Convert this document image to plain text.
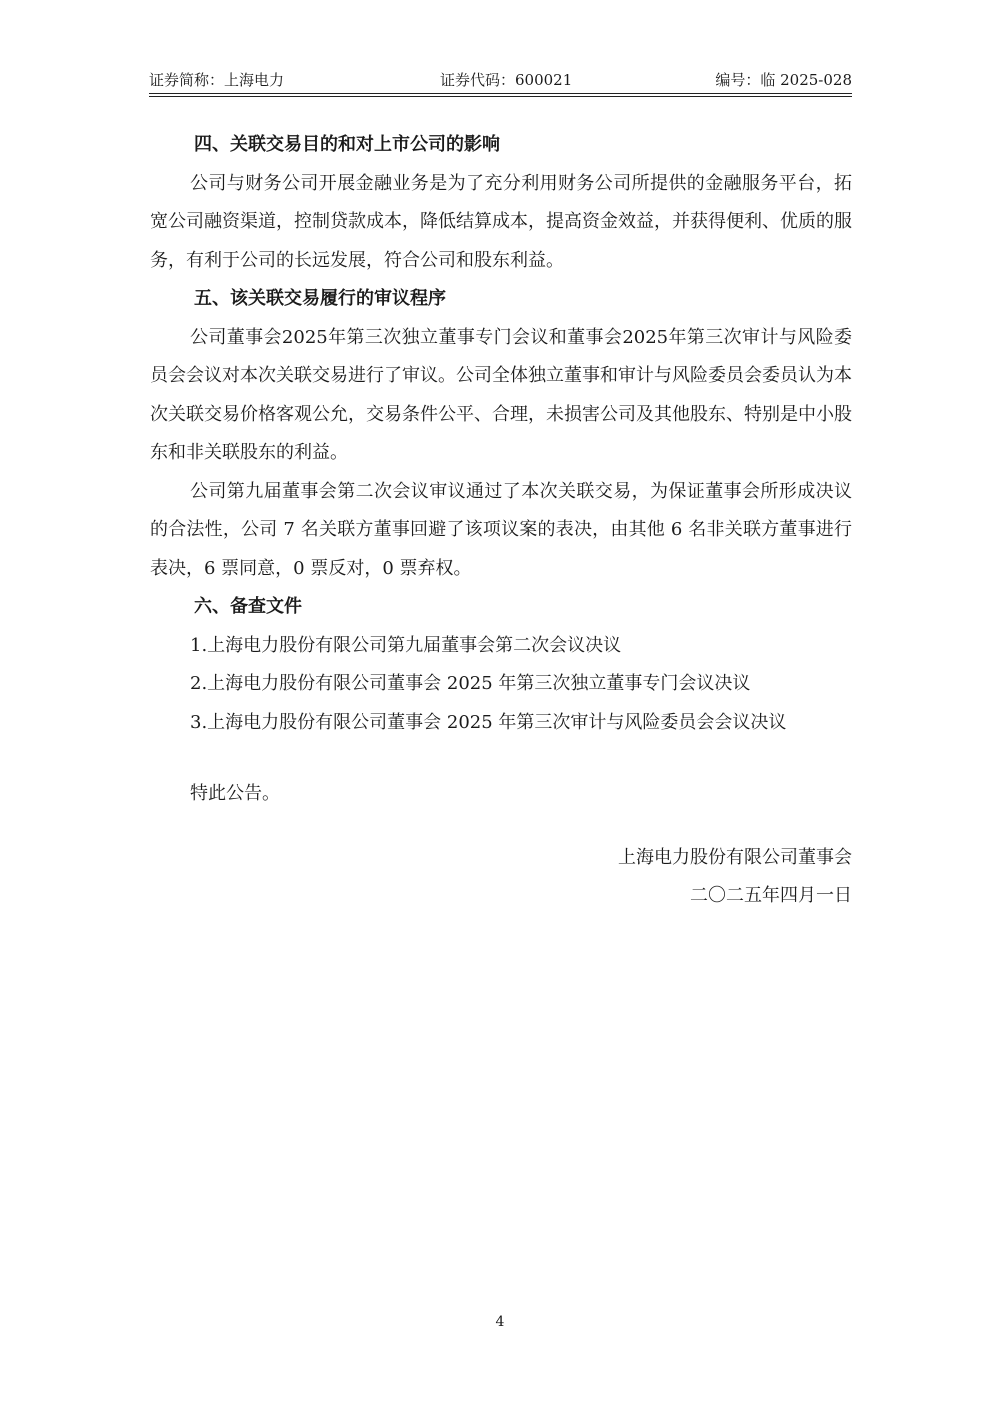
证券简称：上海电力	证券代码：600021	编号：临 2025-028

四、关联交易目的和对上市公司的影响

公司与财务公司开展金融业务是为了充分利用财务公司所提供的金融服务平台，拓宽公司融资渠道，控制贷款成本，降低结算成本，提高资金效益，并获得便利、优质的服务，有利于公司的长远发展，符合公司和股东利益。

五、该关联交易履行的审议程序

公司董事会2025年第三次独立董事专门会议和董事会2025年第三次审计与风险委员会会议对本次关联交易进行了审议。公司全体独立董事和审计与风险委员会委员认为本次关联交易价格客观公允，交易条件公平、合理，未损害公司及其他股东、特别是中小股东和非关联股东的利益。

公司第九届董事会第二次会议审议通过了本次关联交易，为保证董事会所形成决议的合法性，公司 7 名关联方董事回避了该项议案的表决，由其他 6 名非关联方董事进行表决，6 票同意，0 票反对，0 票弃权。

六、备查文件

1.上海电力股份有限公司第九届董事会第二次会议决议

2.上海电力股份有限公司董事会 2025 年第三次独立董事专门会议决议

3.上海电力股份有限公司董事会 2025 年第三次审计与风险委员会会议决议

特此公告。

上海电力股份有限公司董事会

二〇二五年四月一日

4
